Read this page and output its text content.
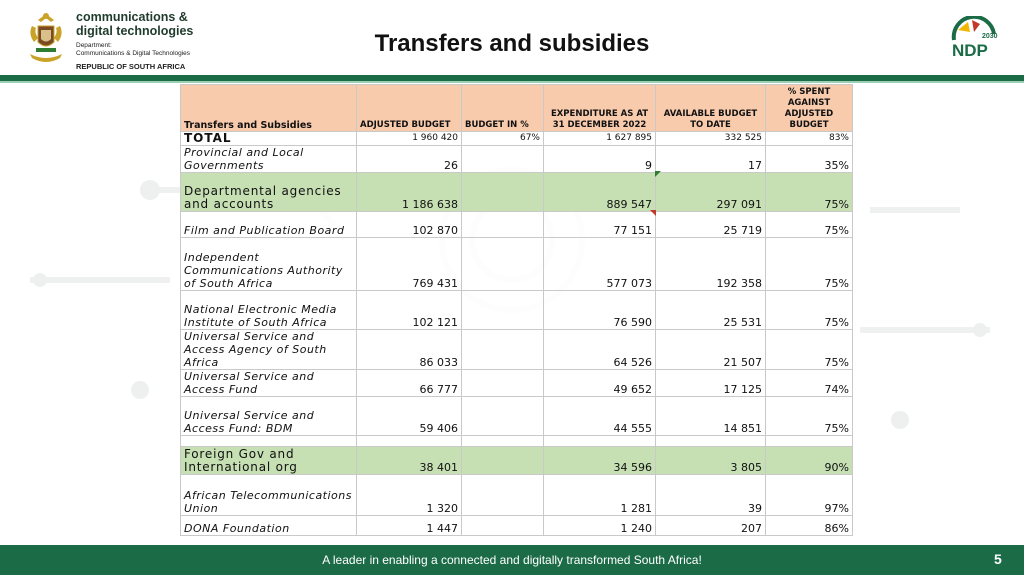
communications &
digital technologies
Department:
Communications & Digital Technologies
REPUBLIC OF SOUTH AFRICA
Transfers and subsidies	2030
NDP
Transfers and Subsidies	ADJUSTED BUDGET	BUDGET IN %	EXPENDITURE AS AT 31 DECEMBER 2022	AVAILABLE BUDGET TO DATE	% SPENT AGAINST ADJUSTED BUDGET
TOTAL	1 960 420	67%	1 627 895	332 525	83%
Provincial and Local Governments	26		9	17	35%
Departmental agencies and accounts	1 186 638		889 547	297 091	75%
Film and Publication Board	102 870		77 151	25 719	75%
Independent Communications Authority of South Africa	769 431		577 073	192 358	75%
National Electronic Media Institute of South Africa	102 121		76 590	25 531	75%
Universal Service and Access Agency of South Africa	86 033		64 526	21 507	75%
Universal Service and Access Fund	66 777		49 652	17 125	74%
Universal Service and Access Fund: BDM	59 406		44 555	14 851	75%

Foreign Gov and International org	38 401		34 596	3 805	90%
African Telecommunications Union	1 320		1 281	39	97%
DONA Foundation	1 447		1 240	207	86%
A leader in enabling a connected and digitally transformed South Africa!	5
